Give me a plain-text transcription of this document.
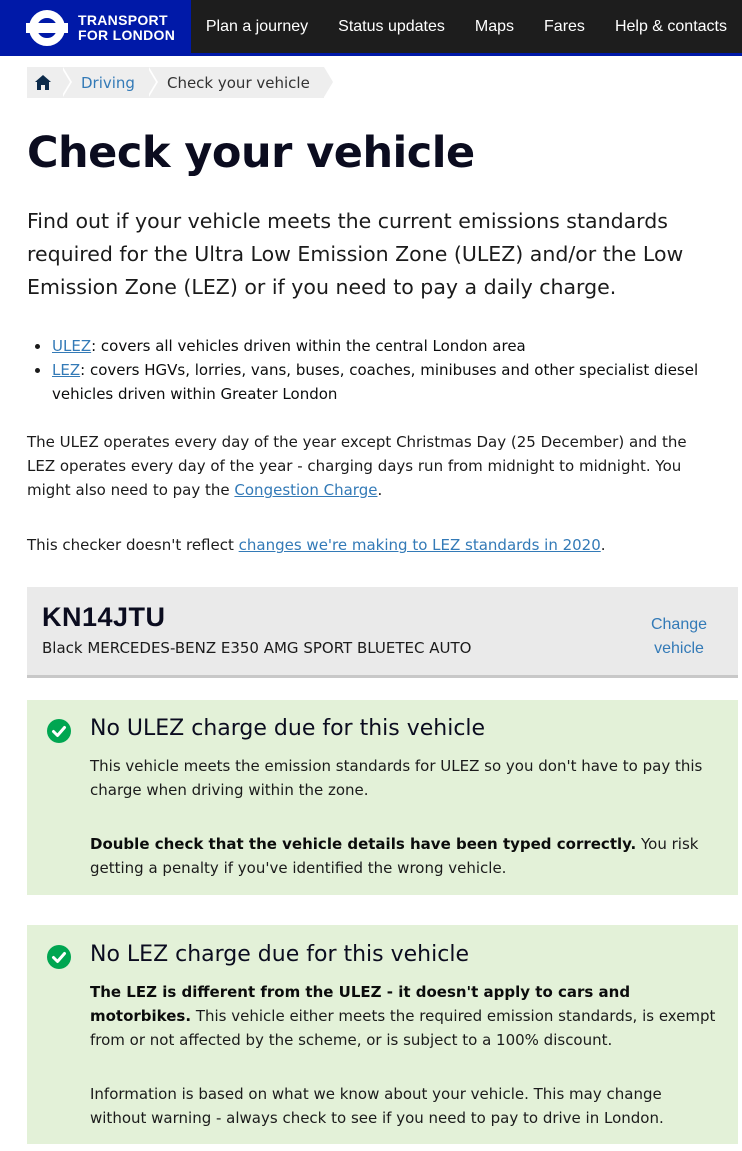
TRANSPORT
FOR LONDON
Plan a journey	Status updates	Maps	Fares	Help & contacts
Driving	Check your vehicle
Check your vehicle

Find out if your vehicle meets the current emissions standards required for the Ultra Low Emission Zone (ULEZ) and/or the Low Emission Zone (LEZ) or if you need to pay a daily charge.

ULEZ: covers all vehicles driven within the central London area
LEZ: covers HGVs, lorries, vans, buses, coaches, minibuses and other specialist diesel vehicles driven within Greater London

The ULEZ operates every day of the year except Christmas Day (25 December) and the LEZ operates every day of the year - charging days run from midnight to midnight. You might also need to pay the Congestion Charge.

This checker doesn't reflect changes we're making to LEZ standards in 2020.

KN14JTU
Black MERCEDES-BENZ E350 AMG SPORT BLUETEC AUTO
Change
vehicle
No ULEZ charge due for this vehicle

This vehicle meets the emission standards for ULEZ so you don't have to pay this charge when driving within the zone.

Double check that the vehicle details have been typed correctly. You risk getting a penalty if you've identified the wrong vehicle.

No LEZ charge due for this vehicle

The LEZ is different from the ULEZ - it doesn't apply to cars and motorbikes. This vehicle either meets the required emission standards, is exempt from or not affected by the scheme, or is subject to a 100% discount.

Information is based on what we know about your vehicle. This may change without warning - always check to see if you need to pay to drive in London.
